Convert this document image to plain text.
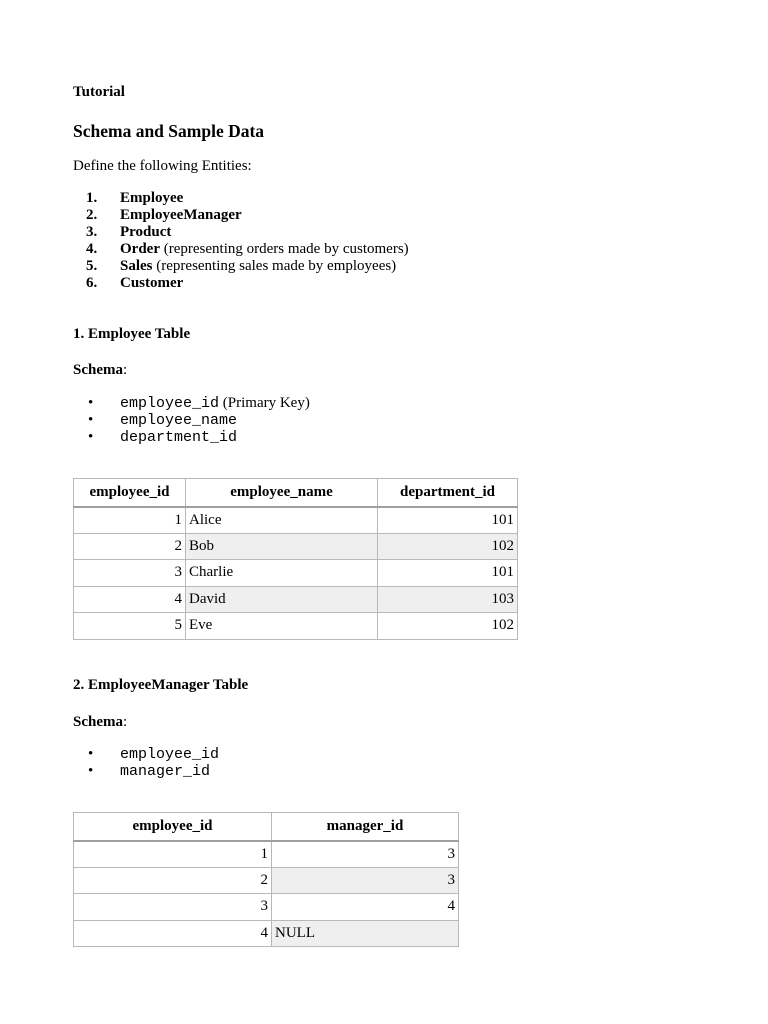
Tutorial

Schema and Sample Data

Define the following Entities:

1. Employee
2. EmployeeManager
3. Product
4. Order (representing orders made by customers)
5. Sales (representing sales made by employees)
6. Customer
1. Employee Table

Schema:

• employee_id (Primary Key)
• employee_name
• department_id
employee_id	employee_name	department_id
1	Alice	101
2	Bob	102
3	Charlie	101
4	David	103
5	Eve	102
2. EmployeeManager Table

Schema:

• employee_id
• manager_id
employee_id	manager_id
1	3
2	3
3	4
4	NULL
